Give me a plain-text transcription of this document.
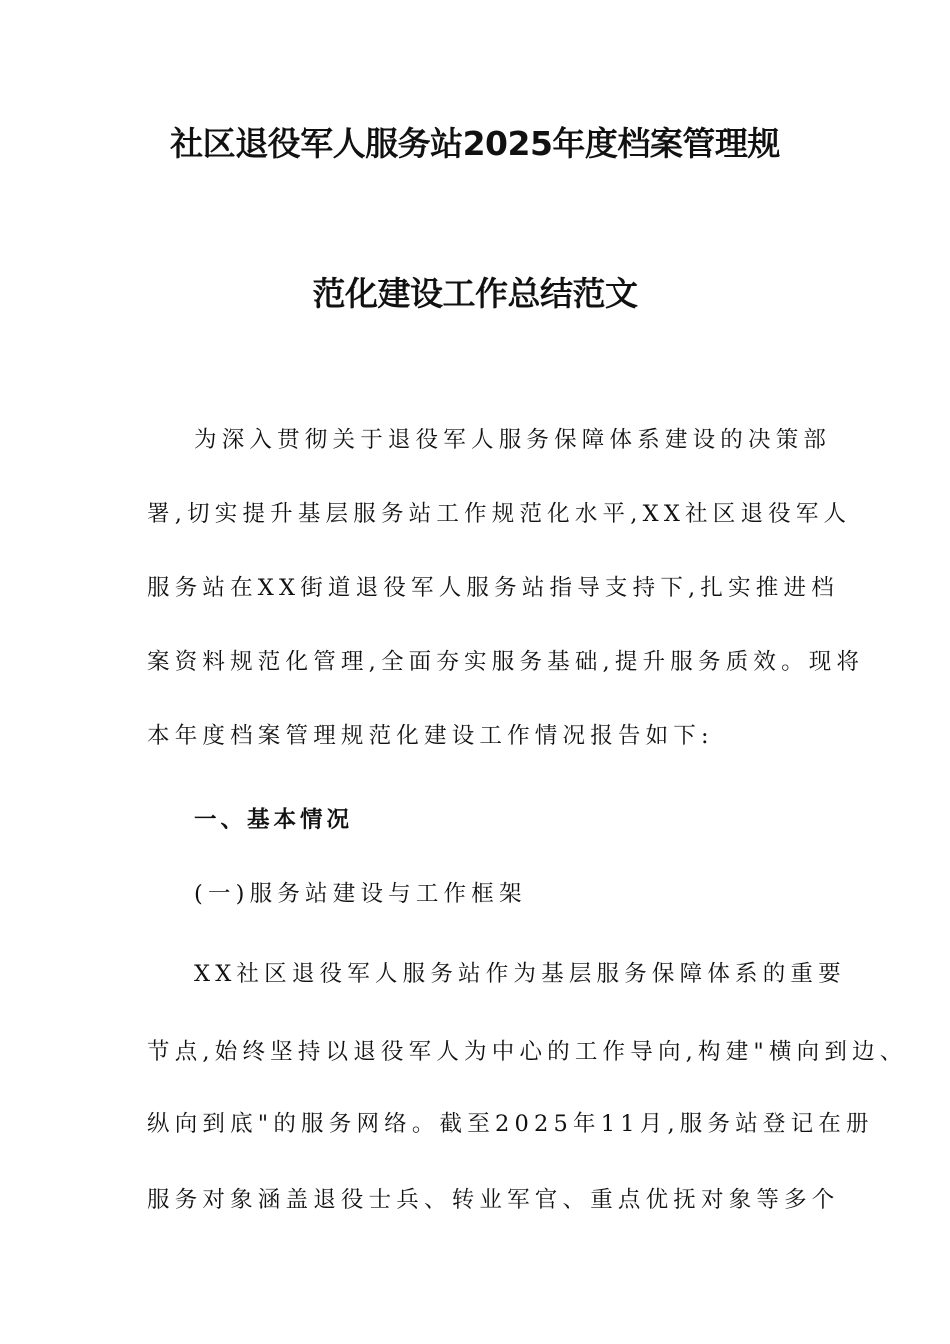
社区退役军人服务站2025年度档案管理规
范化建设工作总结范文
为深入贯彻关于退役军人服务保障体系建设的决策部
署,切实提升基层服务站工作规范化水平,XX社区退役军人
服务站在XX街道退役军人服务站指导支持下,扎实推进档
案资料规范化管理,全面夯实服务基础,提升服务质效。现将
本年度档案管理规范化建设工作情况报告如下:
一、基本情况
(一)服务站建设与工作框架
XX社区退役军人服务站作为基层服务保障体系的重要
节点,始终坚持以退役军人为中心的工作导向,构建"横向到边、
纵向到底"的服务网络。截至2025年11月,服务站登记在册
服务对象涵盖退役士兵、转业军官、重点优抚对象等多个
